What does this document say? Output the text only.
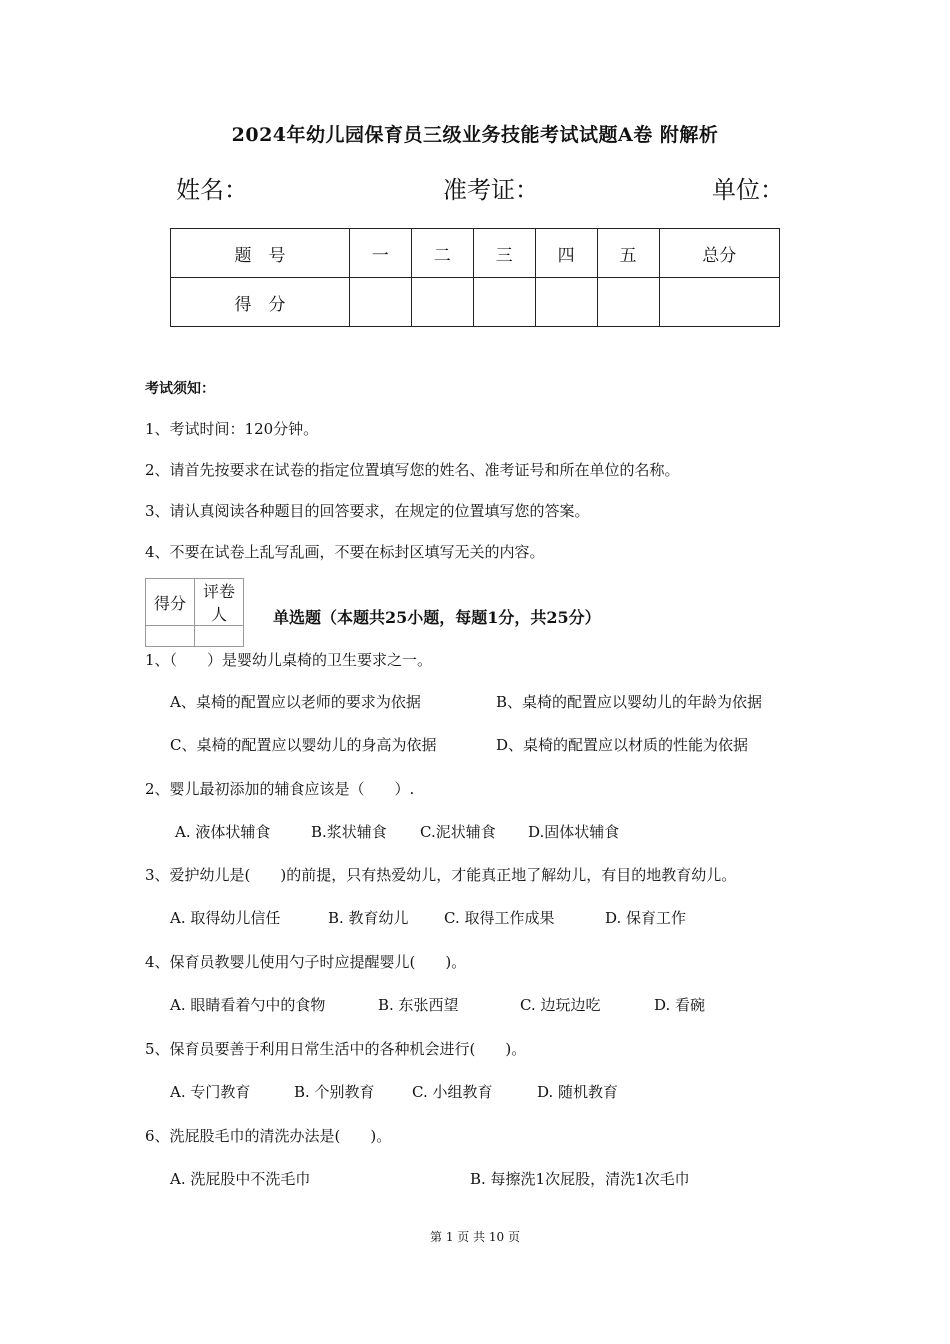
2024年幼儿园保育员三级业务技能考试试题A卷 附解析
姓名：	准考证：	单位：
题　号	一	二	三	四	五	总分
得　分						
考试须知：
1、考试时间：120分钟。
2、请首先按要求在试卷的指定位置填写您的姓名、准考证号和所在单位的名称。
3、请认真阅读各种题目的回答要求，在规定的位置填写您的答案。
4、不要在试卷上乱写乱画，不要在标封区填写无关的内容。
得分	评卷人
		单选题（本题共25小题，每题1分，共25分）
1、（　　）是婴幼儿桌椅的卫生要求之一。
A、桌椅的配置应以老师的要求为依据	B、桌椅的配置应以婴幼儿的年龄为依据
C、桌椅的配置应以婴幼儿的身高为依据	D、桌椅的配置应以材质的性能为依据
2、婴儿最初添加的辅食应该是（　　）.
A. 液体状辅食	B.浆状辅食 C.泥状辅食 D.固体状辅食
3、爱护幼儿是(　　)的前提，只有热爱幼儿，才能真正地了解幼儿，有目的地教育幼儿。
A. 取得幼儿信任	B. 教育幼儿 C. 取得工作成果	D. 保育工作
4、保育员教婴儿使用勺子时应提醒婴儿(　　)。
A. 眼睛看着勺中的食物	B. 东张西望	C. 边玩边吃	D. 看碗
5、保育员要善于利用日常生活中的各种机会进行(　　)。
A. 专门教育	B. 个别教育 C. 小组教育	D. 随机教育
6、洗屁股毛巾的清洗办法是(　　)。
A. 洗屁股中不洗毛巾	B. 每擦洗1次屁股，清洗1次毛巾
第 1 页 共 10 页
